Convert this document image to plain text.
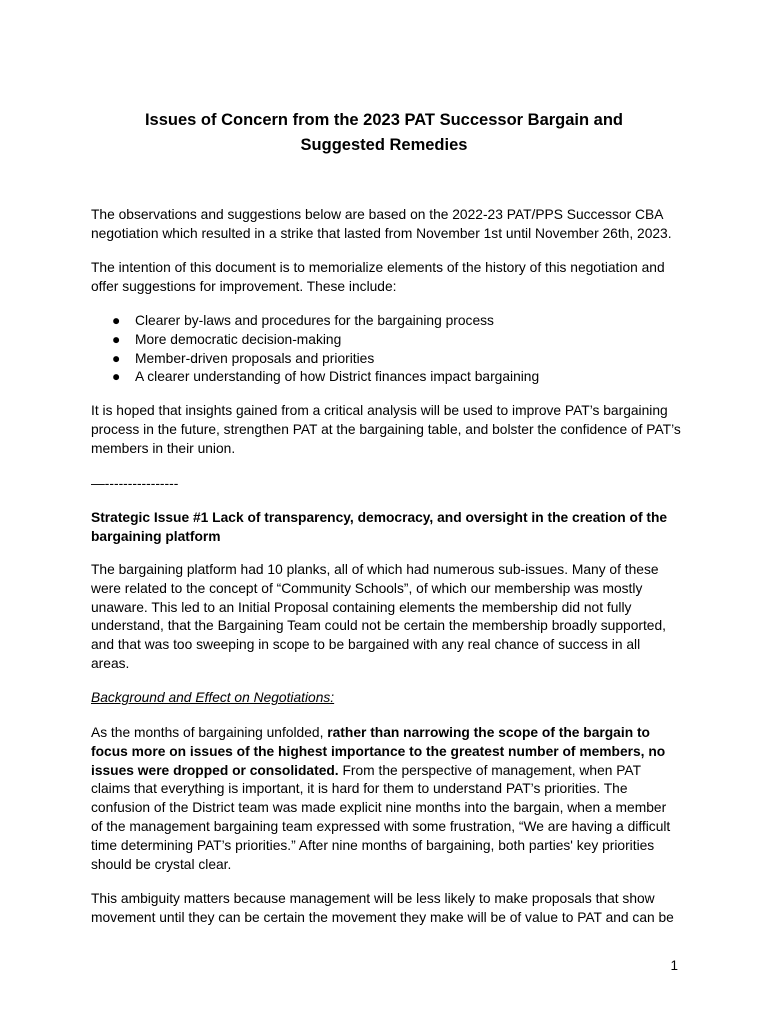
Issues of Concern from the 2023 PAT Successor Bargain and
Suggested Remedies

The observations and suggestions below are based on the 2022-23 PAT/PPS Successor CBA negotiation which resulted in a strike that lasted from November 1st until November 26th, 2023.

The intention of this document is to memorialize elements of the history of this negotiation and offer suggestions for improvement. These include:

● Clearer by-laws and procedures for the bargaining process
● More democratic decision-making
● Member-driven proposals and priorities
● A clearer understanding of how District finances impact bargaining

It is hoped that insights gained from a critical analysis will be used to improve PAT’s bargaining process in the future, strengthen PAT at the bargaining table, and bolster the confidence of PAT’s members in their union.

—----------------

Strategic Issue #1 Lack of transparency, democracy, and oversight in the creation of the bargaining platform

The bargaining platform had 10 planks, all of which had numerous sub-issues. Many of these were related to the concept of “Community Schools”, of which our membership was mostly unaware. This led to an Initial Proposal containing elements the membership did not fully understand, that the Bargaining Team could not be certain the membership broadly supported, and that was too sweeping in scope to be bargained with any real chance of success in all areas.

Background and Effect on Negotiations:

As the months of bargaining unfolded, rather than narrowing the scope of the bargain to focus more on issues of the highest importance to the greatest number of members, no issues were dropped or consolidated. From the perspective of management, when PAT claims that everything is important, it is hard for them to understand PAT’s priorities. The confusion of the District team was made explicit nine months into the bargain, when a member of the management bargaining team expressed with some frustration, “We are having a difficult time determining PAT’s priorities.” After nine months of bargaining, both parties' key priorities should be crystal clear.

This ambiguity matters because management will be less likely to make proposals that show movement until they can be certain the movement they make will be of value to PAT and can be

1
